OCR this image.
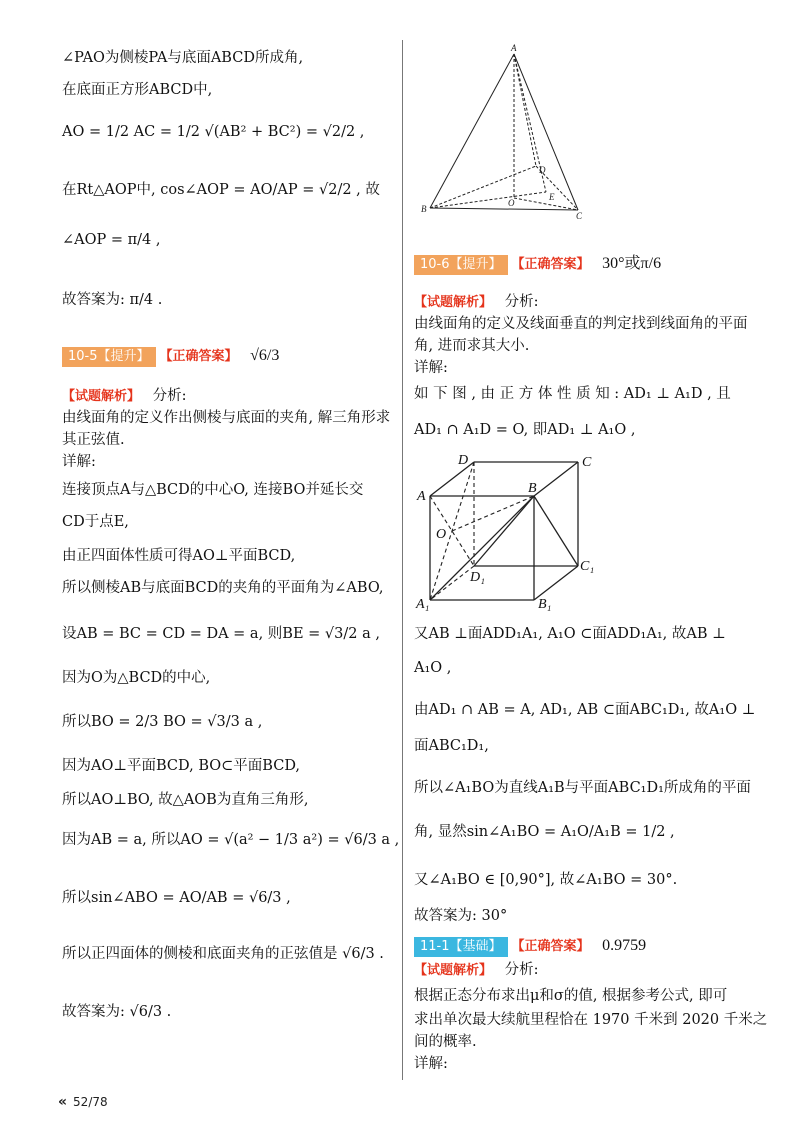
∠PAO为侧棱PA与底面ABCD所成角,
在底面正方形ABCD中,
AO = 1/2 AC = 1/2 √(AB² + BC²) = √2/2 ,
在Rt△AOP中, cos∠AOP = AO/AP = √2/2 , 故
∠AOP = π/4 ,
故答案为: π/4 .
10-5【提升】 【正确答案】 √6/3
【试题解析】 分析:
由线面角的定义作出侧棱与底面的夹角, 解三角形求
其正弦值.
详解:
连接顶点A与△BCD的中心O, 连接BO并延长交
CD于点E,
由正四面体性质可得AO⊥平面BCD,
所以侧棱AB与底面BCD的夹角的平面角为∠ABO,
设AB = BC = CD = DA = a, 则BE = √3/2 a ,
因为O为△BCD的中心,
所以BO = 2/3 BO = √3/3 a ,
因为AO⊥平面BCD, BO⊂平面BCD,
所以AO⊥BO, 故△AOB为直角三角形,
因为AB = a, 所以AO = √(a² − 1/3 a²) = √6/3 a ,
所以sin∠ABO = AO/AB = √6/3 ,
所以正四面体的侧棱和底面夹角的正弦值是 √6/3 .
故答案为: √6/3 .
A
D
O
E
B
C
10-6【提升】 【正确答案】 30°或π/6
【试题解析】 分析:
由线面角的定义及线面垂直的判定找到线面角的平面
角, 进而求其大小.
详解:
如 下 图 , 由 正 方 体 性 质 知 : AD₁ ⊥ A₁D , 且
AD₁ ∩ A₁D = O, 即AD₁ ⊥ A₁O ,
D	C
A
B
O
D₁
C₁
A₁	B₁
又AB ⊥面ADD₁A₁, A₁O ⊂面ADD₁A₁, 故AB ⊥
A₁O ,
由AD₁ ∩ AB = A, AD₁, AB ⊂面ABC₁D₁, 故A₁O ⊥
面ABC₁D₁,
所以∠A₁BO为直线A₁B与平面ABC₁D₁所成角的平面
角, 显然sin∠A₁BO = A₁O/A₁B = 1/2 ,
又∠A₁BO ∈ [0,90°], 故∠A₁BO = 30°.
故答案为: 30°
11-1【基础】 【正确答案】 0.9759
【试题解析】 分析:
根据正态分布求出μ和σ的值, 根据参考公式, 即可
求出单次最大续航里程恰在 1970 千米到 2020 千米之
间的概率.
详解:
« 52/78
